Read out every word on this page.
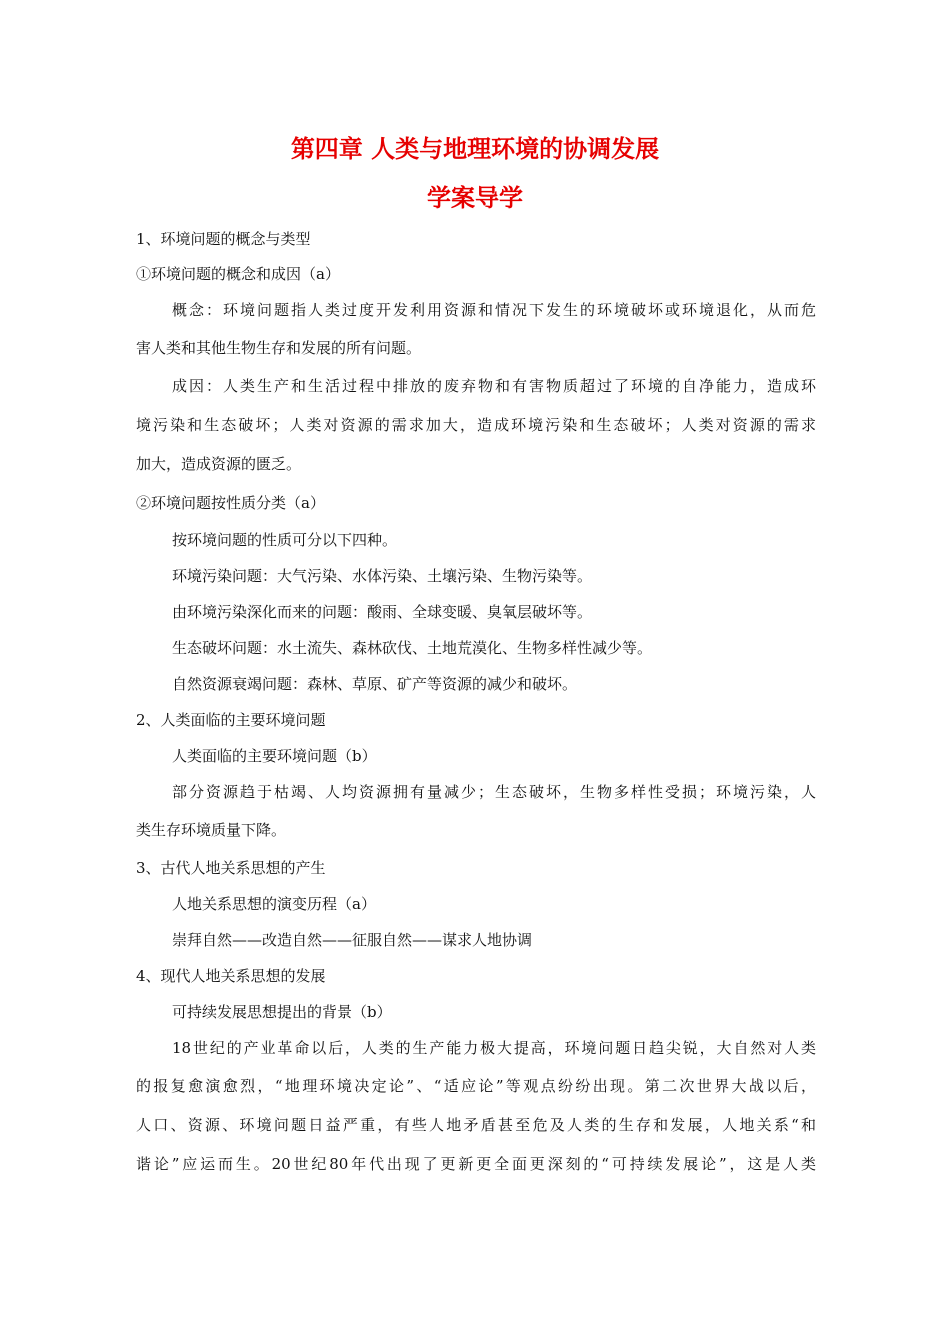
第四章 人类与地理环境的协调发展
学案导学
1、环境问题的概念与类型
①环境问题的概念和成因（a）
概念：环境问题指人类过度开发利用资源和情况下发生的环境破坏或环境退化，从而危
害人类和其他生物生存和发展的所有问题。
成因：人类生产和生活过程中排放的废弃物和有害物质超过了环境的自净能力，造成环
境污染和生态破坏；人类对资源的需求加大，造成环境污染和生态破坏；人类对资源的需求
加大，造成资源的匮乏。
②环境问题按性质分类（a）
按环境问题的性质可分以下四种。
环境污染问题：大气污染、水体污染、土壤污染、生物污染等。
由环境污染深化而来的问题：酸雨、全球变暖、臭氧层破坏等。
生态破坏问题：水土流失、森林砍伐、土地荒漠化、生物多样性减少等。
自然资源衰竭问题：森林、草原、矿产等资源的减少和破坏。
2、人类面临的主要环境问题
人类面临的主要环境问题（b）
部分资源趋于枯竭、人均资源拥有量减少；生态破坏，生物多样性受损；环境污染，人
类生存环境质量下降。
3、古代人地关系思想的产生
人地关系思想的演变历程（a）
崇拜自然——改造自然——征服自然——谋求人地协调
4、现代人地关系思想的发展
可持续发展思想提出的背景（b）
18世纪的产业革命以后，人类的生产能力极大提高，环境问题日趋尖锐，大自然对人类
的报复愈演愈烈，“地理环境决定论”、“适应论”等观点纷纷出现。第二次世界大战以后，
人口、资源、环境问题日益严重，有些人地矛盾甚至危及人类的生存和发展，人地关系“和
谐论”应运而生。20世纪80年代出现了更新更全面更深刻的“可持续发展论”，这是人类
